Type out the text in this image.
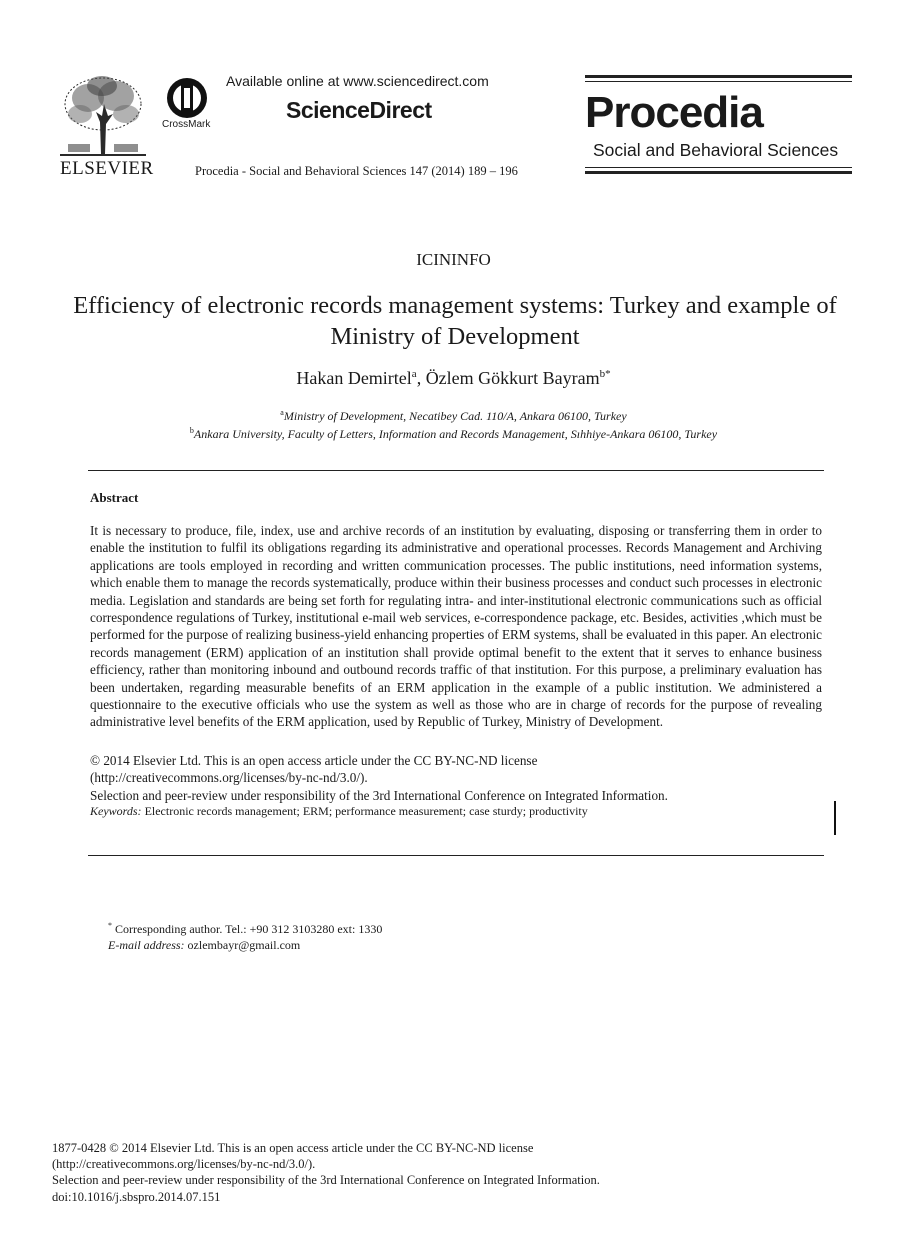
ELSEVIER
CrossMark
Available online at www.sciencedirect.com
ScienceDirect
Procedia - Social and Behavioral Sciences 147 (2014) 189 – 196
Procedia
Social and Behavioral Sciences
ICININFO
Efficiency of electronic records management systems: Turkey and example of Ministry of Development
Hakan Demirtel$^a$, Özlem Gökkurt Bayram$^{b*}$
$^a$Ministry of Development, Necatibey Cad. 110/A, Ankara 06100, Turkey
$^b$Ankara University, Faculty of Letters, Information and Records Management, Sıhhiye-Ankara 06100, Turkey
Abstract
It is necessary to produce, file, index, use and archive records of an institution by evaluating, disposing or transferring them in order to enable the institution to fulfil its obligations regarding its administrative and operational processes. Records Management and Archiving applications are tools employed in recording and written communication processes. The public institutions, need information systems, which enable them to manage the records systematically, produce within their business processes and conduct such processes in electronic media. Legislation and standards are being set forth for regulating intra- and inter-institutional electronic communications such as official correspondence regulations of Turkey, institutional e-mail web services, e-correspondence package, etc. Besides, activities ,which must be performed for the purpose of realizing business-yield enhancing properties of ERM systems, shall be evaluated in this paper. An electronic records management (ERM) application of an institution shall provide optimal benefit to the extent that it serves to enhance business efficiency, rather than monitoring inbound and outbound records traffic of that institution. For this purpose, a preliminary evaluation has been undertaken, regarding measurable benefits of an ERM application in the example of a public institution. We administered a questionnaire to the executive officials who use the system as well as those who are in charge of records for the purpose of revealing administrative level benefits of the ERM application, used by Republic of Turkey, Ministry of Development.
© 2014 Elsevier Ltd. This is an open access article under the CC BY-NC-ND license
(http://creativecommons.org/licenses/by-nc-nd/3.0/).
Selection and peer-review under responsibility of the 3rd International Conference on Integrated Information.
Keywords: Electronic records management; ERM; performance measurement; case sturdy; productivity
* Corresponding author. Tel.: +90 312 3103280 ext: 1330
E-mail address: ozlembayr@gmail.com
1877-0428 © 2014 Elsevier Ltd. This is an open access article under the CC BY-NC-ND license
(http://creativecommons.org/licenses/by-nc-nd/3.0/).
Selection and peer-review under responsibility of the 3rd International Conference on Integrated Information.
doi:10.1016/j.sbspro.2014.07.151
